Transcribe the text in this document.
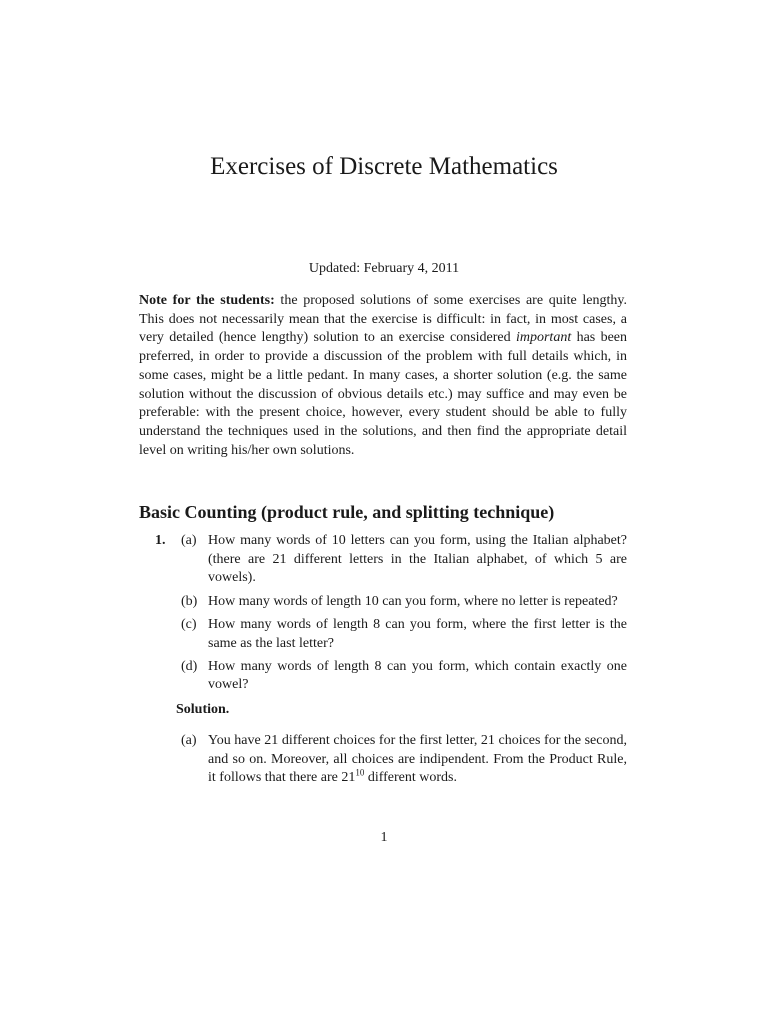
Exercises of Discrete Mathematics
Updated: February 4, 2011

Note for the students: the proposed solutions of some exercises are quite lengthy. This does not necessarily mean that the exercise is difficult: in fact, in most cases, a very detailed (hence lengthy) solution to an exercise considered important has been preferred, in order to provide a discussion of the problem with full details which, in some cases, might be a little pedant. In many cases, a shorter solution (e.g. the same solution without the discussion of obvious details etc.) may suffice and may even be preferable: with the present choice, however, every student should be able to fully understand the techniques used in the solutions, and then find the appropriate detail level on writing his/her own solutions.

Basic Counting (product rule, and splitting technique)
1. (a) How many words of 10 letters can you form, using the Italian alphabet? (there are 21 different letters in the Italian alphabet, of which 5 are vowels).
(b) How many words of length 10 can you form, where no letter is repeated?
(c) How many words of length 8 can you form, where the first letter is the same as the last letter?
(d) How many words of length 8 can you form, which contain exactly one vowel?
Solution.
(a) You have 21 different choices for the first letter, 21 choices for the second, and so on. Moreover, all choices are indipendent. From the Product Rule, it follows that there are $21^{10}$ different words.
1
